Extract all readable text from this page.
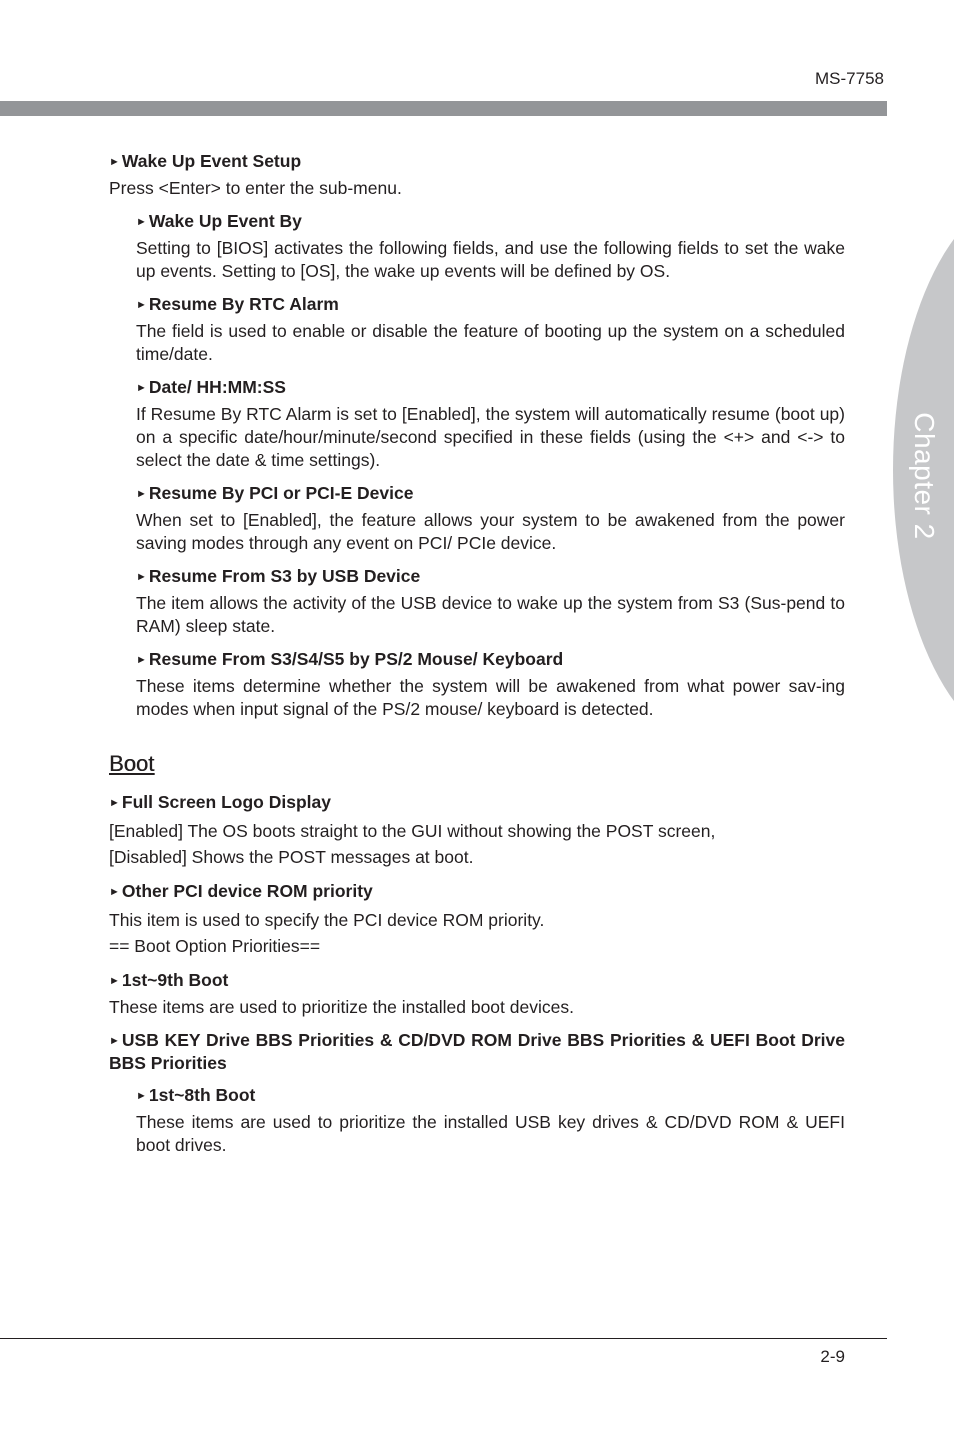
MS-7758
Chapter 2

► Wake Up Event Setup

Press <Enter> to enter the sub-menu.

► Wake Up Event By

Setting to [BIOS] activates the following fields, and use the following fields to set the wake up events. Setting to [OS], the wake up events will be defined by OS.

► Resume By RTC Alarm

The field is used to enable or disable the feature of booting up the system on a scheduled time/date.

► Date/ HH:MM:SS

If Resume By RTC Alarm is set to [Enabled], the system will automatically resume (boot up) on a specific date/hour/minute/second specified in these fields (using the <+> and <-> to select the date & time settings).

► Resume By PCI or PCI-E Device

When set to [Enabled], the feature allows your system to be awakened from the power saving modes through any event on PCI/ PCIe device.

► Resume From S3 by USB Device

The item allows the activity of the USB device to wake up the system from S3 (Sus-pend to RAM) sleep state.

► Resume From S3/S4/S5 by PS/2 Mouse/ Keyboard

These items determine whether the system will be awakened from what power sav-ing modes when input signal of the PS/2 mouse/ keyboard is detected.

Boot

► Full Screen Logo Display

[Enabled] The OS boots straight to the GUI without showing the POST screen,

[Disabled] Shows the POST messages at boot.

► Other PCI device ROM priority

This item is used to specify the PCI device ROM priority.

== Boot Option Priorities==

► 1st~9th Boot

These items are used to prioritize the installed boot devices.

► USB KEY Drive BBS Priorities & CD/DVD ROM Drive BBS Priorities & UEFI Boot Drive BBS Priorities

► 1st~8th Boot

These items are used to prioritize the installed USB key drives & CD/DVD ROM & UEFI boot drives.

2-9
